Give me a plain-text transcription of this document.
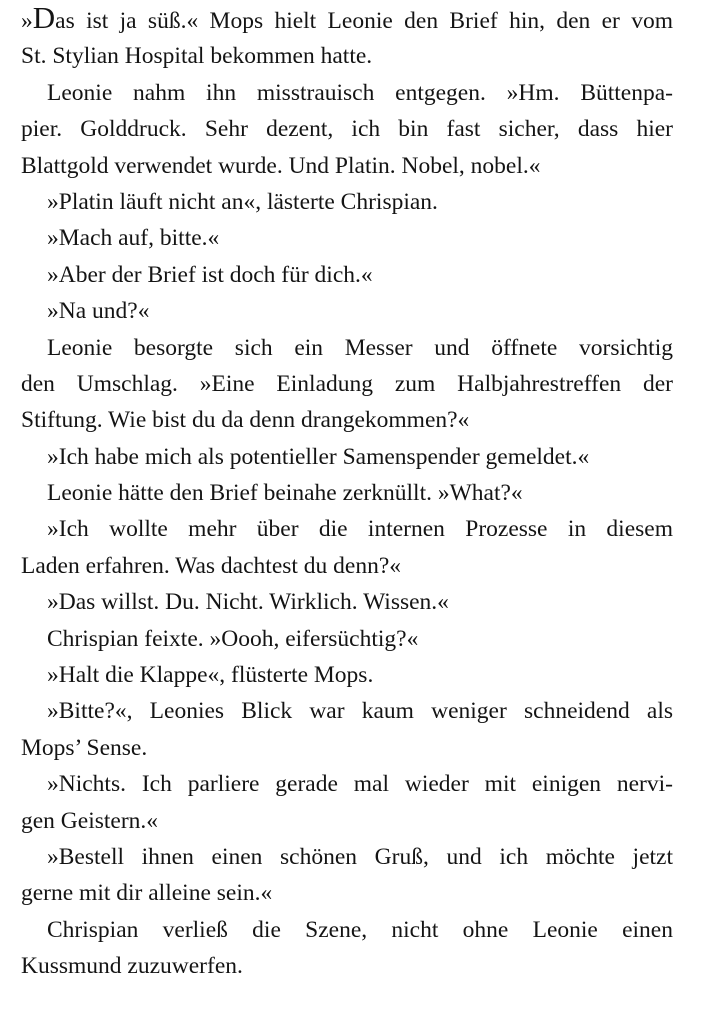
»Das ist ja süß.« Mops hielt Leonie den Brief hin, den er vom
St. Stylian Hospital bekommen hatte.
Leonie nahm ihn misstrauisch entgegen. »Hm. Büttenpa-
pier. Golddruck. Sehr dezent, ich bin fast sicher, dass hier
Blattgold verwendet wurde. Und Platin. Nobel, nobel.«
»Platin läuft nicht an«, lästerte Chrispian.
»Mach auf, bitte.«
»Aber der Brief ist doch für dich.«
»Na und?«
Leonie besorgte sich ein Messer und öffnete vorsichtig
den Umschlag. »Eine Einladung zum Halbjahrestreffen der
Stiftung. Wie bist du da denn drangekommen?«
»Ich habe mich als potentieller Samenspender gemeldet.«
Leonie hätte den Brief beinahe zerknüllt. »What?«
»Ich wollte mehr über die internen Prozesse in diesem
Laden erfahren. Was dachtest du denn?«
»Das willst. Du. Nicht. Wirklich. Wissen.«
Chrispian feixte. »Oooh, eifersüchtig?«
»Halt die Klappe«, flüsterte Mops.
»Bitte?«, Leonies Blick war kaum weniger schneidend als
Mops’ Sense.
»Nichts. Ich parliere gerade mal wieder mit einigen nervi-
gen Geistern.«
»Bestell ihnen einen schönen Gruß, und ich möchte jetzt
gerne mit dir alleine sein.«
Chrispian verließ die Szene, nicht ohne Leonie einen
Kussmund zuzuwerfen.
